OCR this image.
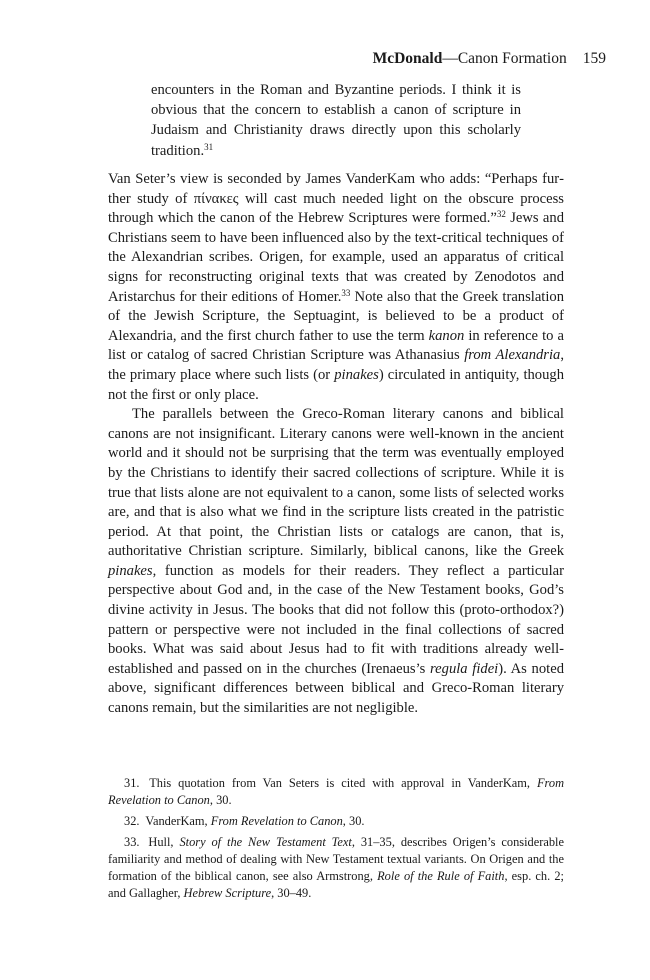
McDonald—Canon Formation 159
encounters in the Roman and Byzantine periods. I think it is obvious that the concern to establish a canon of scripture in Judaism and Christianity draws directly upon this scholarly tradition.$^{31}$

Van Seter’s view is seconded by James VanderKam who adds: “Perhaps further study of πίνακες will cast much needed light on the obscure process through which the canon of the Hebrew Scriptures were formed.”$^{32}$ Jews and Christians seem to have been influenced also by the text-critical techniques of the Alexandrian scribes. Origen, for example, used an apparatus of critical signs for reconstructing original texts that was created by Zenodotos and Aristarchus for their editions of Homer.$^{33}$ Note also that the Greek translation of the Jewish Scripture, the Septuagint, is believed to be a product of Alexandria, and the first church father to use the term kanon in reference to a list or catalog of sacred Christian Scripture was Athanasius from Alexandria, the primary place where such lists (or pinakes) circulated in antiquity, though not the first or only place.

The parallels between the Greco-Roman literary canons and biblical canons are not insignificant. Literary canons were well-known in the ancient world and it should not be surprising that the term was eventually employed by the Christians to identify their sacred collections of scripture. While it is true that lists alone are not equivalent to a canon, some lists of selected works are, and that is also what we find in the scripture lists created in the patristic period. At that point, the Christian lists or catalogs are canon, that is, authoritative Christian scripture. Similarly, biblical canons, like the Greek pinakes, function as models for their readers. They reflect a particular perspective about God and, in the case of the New Testament books, God’s divine activity in Jesus. The books that did not follow this (proto-orthodox?) pattern or perspective were not included in the final collections of sacred books. What was said about Jesus had to fit with traditions already well-established and passed on in the churches (Irenaeus’s regula fidei). As noted above, significant differences between biblical and Greco-Roman literary canons remain, but the similarities are not negligible.

31. This quotation from Van Seters is cited with approval in VanderKam, From Revelation to Canon, 30.

32. VanderKam, From Revelation to Canon, 30.

33. Hull, Story of the New Testament Text, 31–35, describes Origen’s considerable familiarity and method of dealing with New Testament textual variants. On Origen and the formation of the biblical canon, see also Armstrong, Role of the Rule of Faith, esp. ch. 2; and Gallagher, Hebrew Scripture, 30–49.
